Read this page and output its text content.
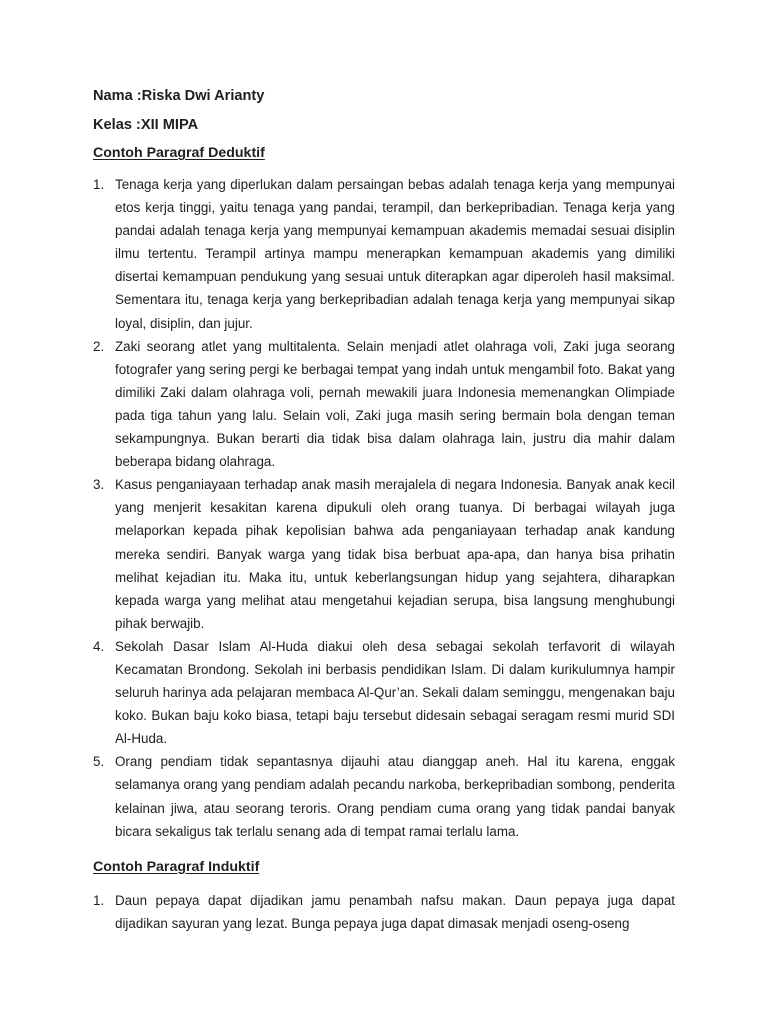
Nama :Riska Dwi Arianty
Kelas :XII MIPA
Contoh Paragraf Deduktif
1. Tenaga kerja yang diperlukan dalam persaingan bebas adalah tenaga kerja yang mempunyai etos kerja tinggi, yaitu tenaga yang pandai, terampil, dan berkepribadian. Tenaga kerja yang pandai adalah tenaga kerja yang mempunyai kemampuan akademis memadai sesuai disiplin ilmu tertentu. Terampil artinya mampu menerapkan kemampuan akademis yang dimiliki disertai kemampuan pendukung yang sesuai untuk diterapkan agar diperoleh hasil maksimal. Sementara itu, tenaga kerja yang berkepribadian adalah tenaga kerja yang mempunyai sikap loyal, disiplin, dan jujur.
2. Zaki seorang atlet yang multitalenta. Selain menjadi atlet olahraga voli, Zaki juga seorang fotografer yang sering pergi ke berbagai tempat yang indah untuk mengambil foto. Bakat yang dimiliki Zaki dalam olahraga voli, pernah mewakili juara Indonesia memenangkan Olimpiade pada tiga tahun yang lalu. Selain voli, Zaki juga masih sering bermain bola dengan teman sekampungnya. Bukan berarti dia tidak bisa dalam olahraga lain, justru dia mahir dalam beberapa bidang olahraga.
3. Kasus penganiayaan terhadap anak masih merajalela di negara Indonesia. Banyak anak kecil yang menjerit kesakitan karena dipukuli oleh orang tuanya. Di berbagai wilayah juga melaporkan kepada pihak kepolisian bahwa ada penganiayaan terhadap anak kandung mereka sendiri. Banyak warga yang tidak bisa berbuat apa-apa, dan hanya bisa prihatin melihat kejadian itu. Maka itu, untuk keberlangsungan hidup yang sejahtera, diharapkan kepada warga yang melihat atau mengetahui kejadian serupa, bisa langsung menghubungi pihak berwajib.
4. Sekolah Dasar Islam Al-Huda diakui oleh desa sebagai sekolah terfavorit di wilayah Kecamatan Brondong. Sekolah ini berbasis pendidikan Islam. Di dalam kurikulumnya hampir seluruh harinya ada pelajaran membaca Al-Qur’an. Sekali dalam seminggu, mengenakan baju koko. Bukan baju koko biasa, tetapi baju tersebut didesain sebagai seragam resmi murid SDI Al-Huda.
5. Orang pendiam tidak sepantasnya dijauhi atau dianggap aneh. Hal itu karena, enggak selamanya orang yang pendiam adalah pecandu narkoba, berkepribadian sombong, penderita kelainan jiwa, atau seorang teroris. Orang pendiam cuma orang yang tidak pandai banyak bicara sekaligus tak terlalu senang ada di tempat ramai terlalu lama.
Contoh Paragraf Induktif
1. Daun pepaya dapat dijadikan jamu penambah nafsu makan. Daun pepaya juga dapat dijadikan sayuran yang lezat. Bunga pepaya juga dapat dimasak menjadi oseng-oseng
